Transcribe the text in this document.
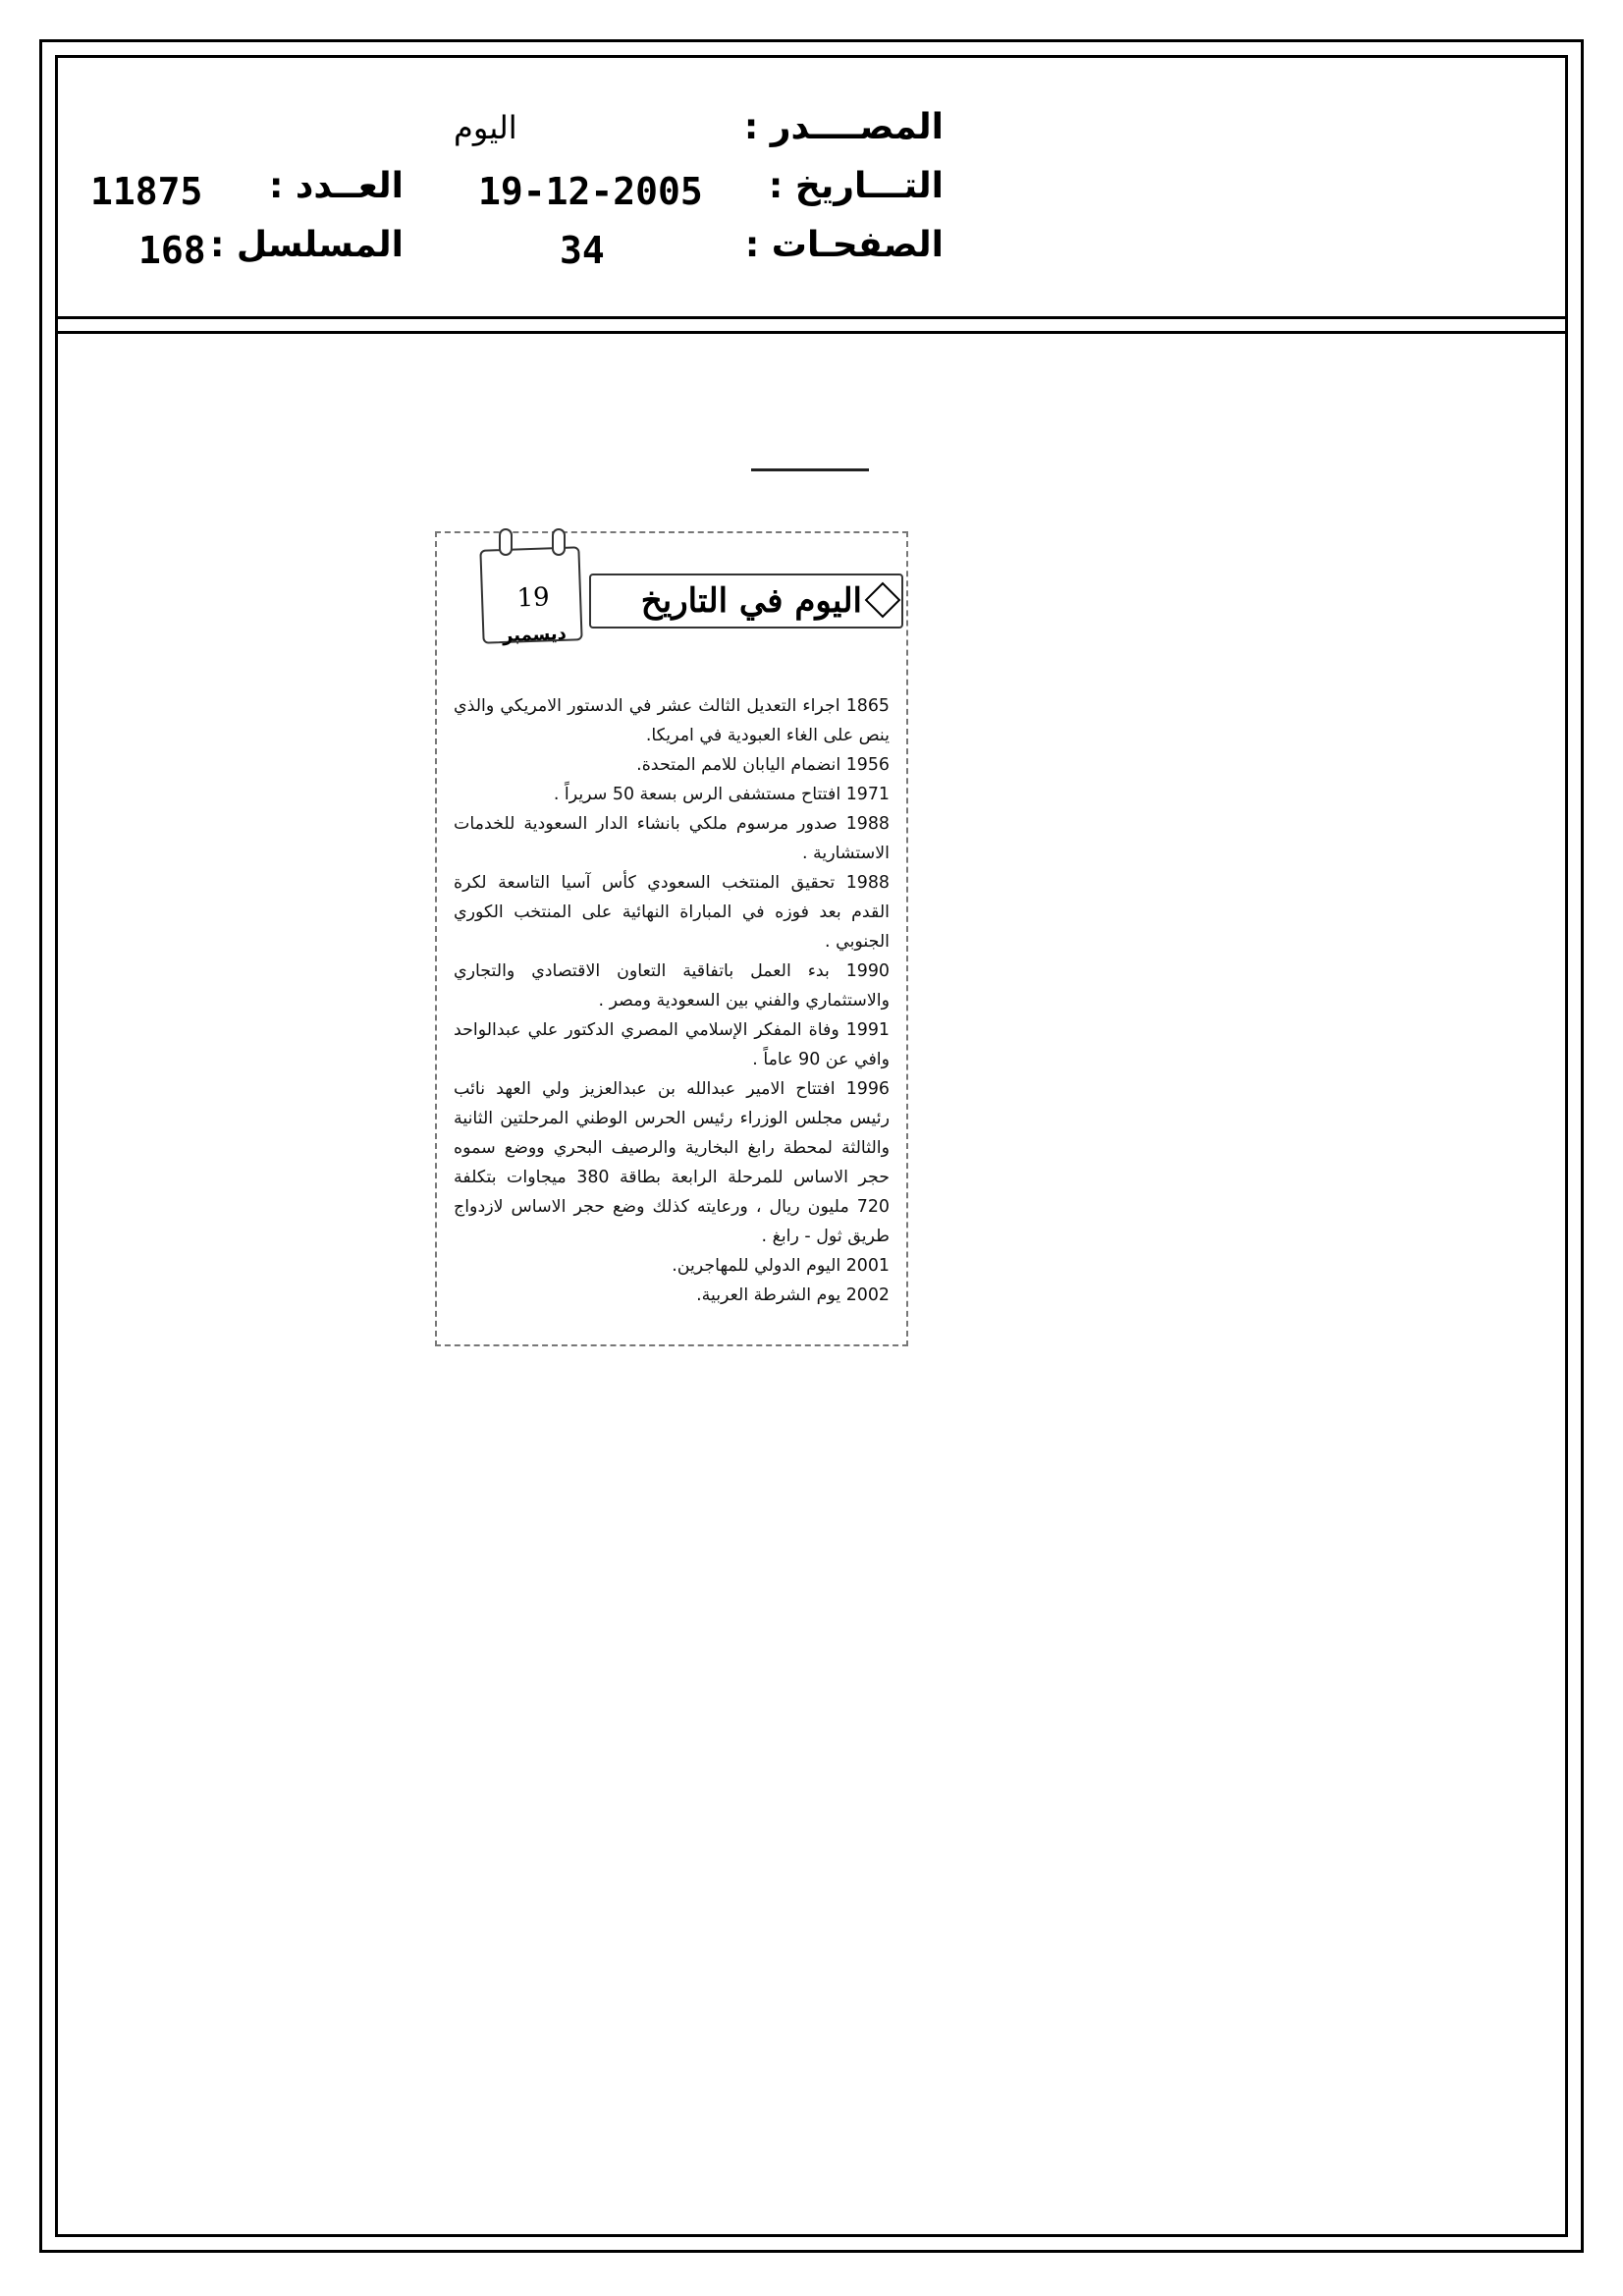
المصــــدر :
التـــاريخ :
الصفحـات :
اليوم
19-12-2005
34
العــدد :
المسلسل :
11875
168
اليوم في التاريخ
19
ديسمبر

1865 اجراء التعديل الثالث عشر في الدستور الامريكي والذي ينص على الغاء العبودية في امريكا.

1956 انضمام اليابان للامم المتحدة.

1971 افتتاح مستشفى الرس بسعة 50 سريراً .

1988 صدور مرسوم ملكي بانشاء الدار السعودية للخدمات الاستشارية .

1988 تحقيق المنتخب السعودي كأس آسيا التاسعة لكرة القدم بعد فوزه في المباراة النهائية على المنتخب الكوري الجنوبي .

1990 بدء العمل باتفاقية التعاون الاقتصادي والتجاري والاستثماري والفني بين السعودية ومصر .

1991 وفاة المفكر الإسلامي المصري الدكتور علي عبدالواحد وافي عن 90 عاماً .

1996 افتتاح الامير عبدالله بن عبدالعزيز ولي العهد نائب رئيس مجلس الوزراء رئيس الحرس الوطني المرحلتين الثانية والثالثة لمحطة رابغ البخارية والرصيف البحري ووضع سموه حجر الاساس للمرحلة الرابعة بطاقة 380 ميجاوات بتكلفة 720 مليون ريال ، ورعايته كذلك وضع حجر الاساس لازدواج طريق ثول - رابغ .

2001 اليوم الدولي للمهاجرين.

2002 يوم الشرطة العربية.
